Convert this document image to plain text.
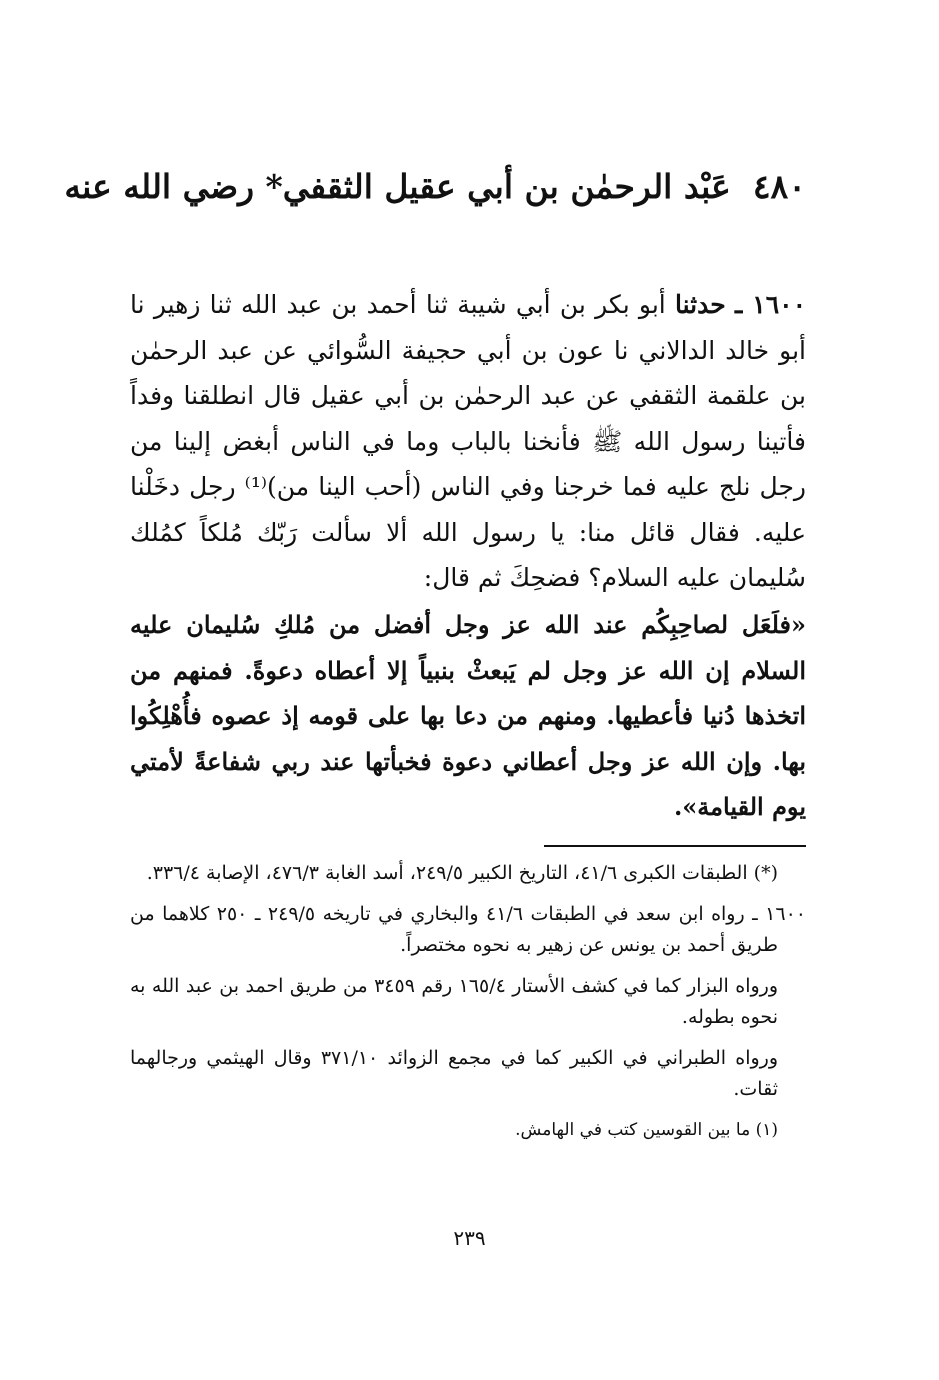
٤٨٠عَبْد الرحمٰن بن أبي عقيل الثقفي* رضي الله عنه
١٦٠٠ ـ حدثنا أبو بكر بن أبي شيبة ثنا أحمد بن عبد الله ثنا زهير نا أبو خالد الدالاني نا عون بن أبي حجيفة السُّوائي عن عبد الرحمٰن بن علقمة الثقفي عن عبد الرحمٰن بن أبي عقيل قال انطلقنا وفداً فأتينا رسول الله ﷺ فأنخنا بالباب وما في الناس أبغض إلينا من رجل نلج عليه فما خرجنا وفي الناس (أحب الينا من)⁽¹⁾ رجل دخَلْنا عليه. فقال قائل منا: يا رسول الله ألا سألت رَبّك مُلكاً كمُلك سُليمان عليه السلام؟ فضحِكَ ثم قال:
«فلَعَل لصاحِبِكُم عند الله عز وجل أفضل من مُلكِ سُليمان عليه السلام إن الله عز وجل لم يَبعثْ بنبياً إلا أعطاه دعوةً. فمنهم من اتخذها دُنيا فأعطيها. ومنهم من دعا بها على قومه إذ عصوه فأُهْلِكُوا بها. وإن الله عز وجل أعطاني دعوة فخبأتها عند ربي شفاعةً لأمتي يوم القيامة».
(*) الطبقات الكبرى ٤١/٦، التاريخ الكبير ٢٤٩/٥، أسد الغابة ٤٧٦/٣، الإصابة ٣٣٦/٤.
١٦٠٠ ـ رواه ابن سعد في الطبقات ٤١/٦ والبخاري في تاريخه ٢٤٩/٥ ـ ٢٥٠ كلاهما من طريق أحمد بن يونس عن زهير به نحوه مختصراً.
ورواه البزار كما في كشف الأستار ١٦٥/٤ رقم ٣٤٥٩ من طريق احمد بن عبد الله به نحوه بطوله.
ورواه الطبراني في الكبير كما في مجمع الزوائد ٣٧١/١٠ وقال الهيثمي ورجالهما ثقات.
(١) ما بين القوسين كتب في الهامش.
٢٣٩
